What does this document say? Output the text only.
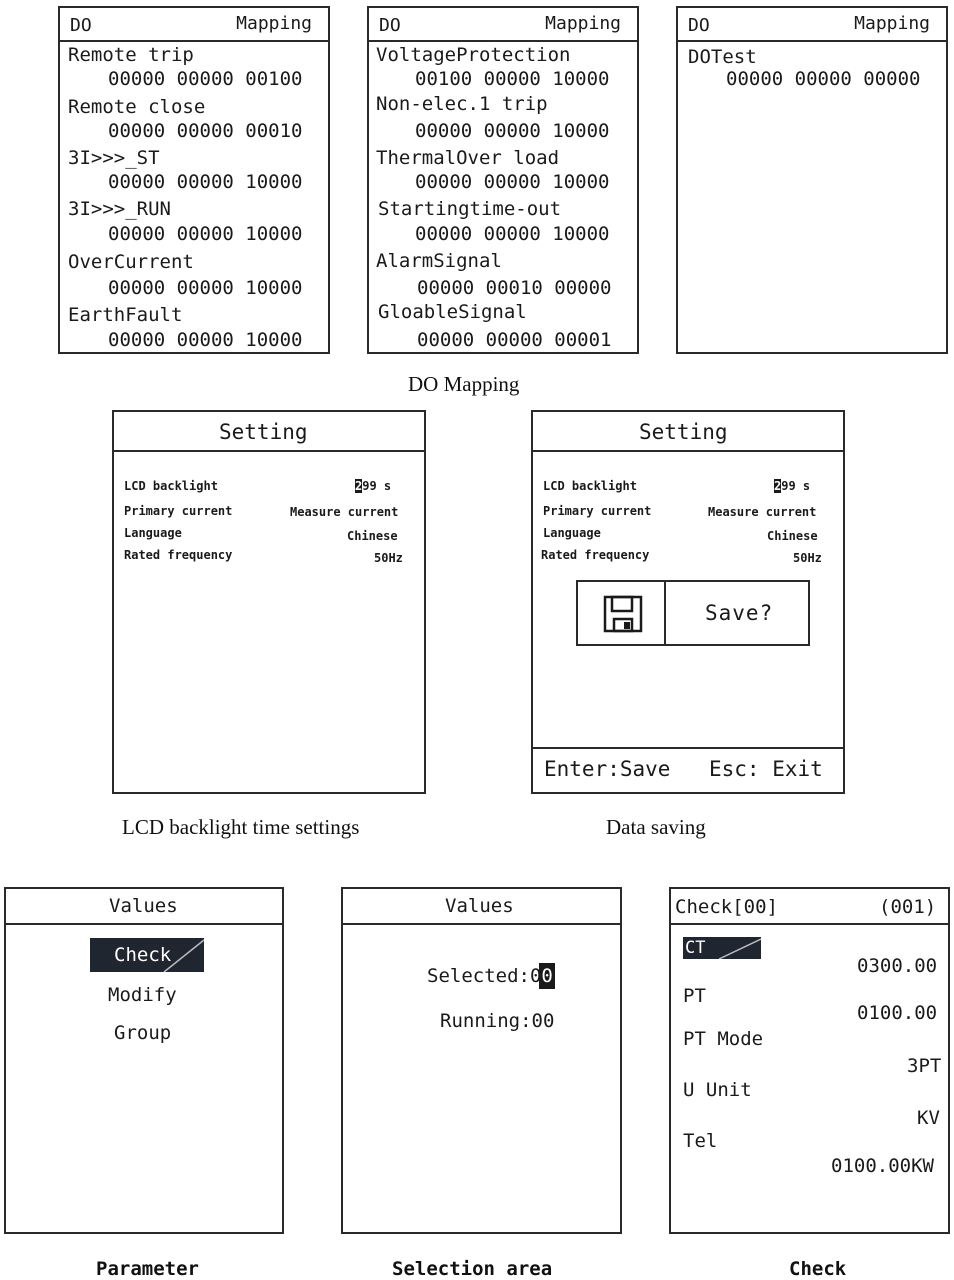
DO	Mapping
Remote trip
00000 00000 00100
Remote close
00000 00000 00010
3I>>>_ST
00000 00000 10000
3I>>>_RUN
00000 00000 10000
OverCurrent
00000 00000 10000
EarthFault
00000 00000 10000
DO	Mapping
VoltageProtection
00100 00000 10000
Non-elec.1 trip
00000 00000 10000
ThermalOver load
00000 00000 10000
Startingtime-out
00000 00000 10000
AlarmSignal
00000 00010 00000
GloableSignal
00000 00000 00001
DO	Mapping
DOTest
00000 00000 00000
DO Mapping
Setting
LCD backlight	299 s
Primary current	Measure current
Language	Chinese
Rated frequency	50Hz
Setting
LCD backlight	299 s
Primary current	Measure current
Language	Chinese
Rated frequency	50Hz
Save?
Enter:Save Esc: Exit
LCD backlight time settings	Data saving
Values
Check
Modify
Group
Values
Selected:00
Running:00
Check[00]	(001)
CT
0300.00
PT
0100.00
PT Mode
3PT
U Unit
KV
Tel
0100.00KW
Parameter	Selection area	Check
